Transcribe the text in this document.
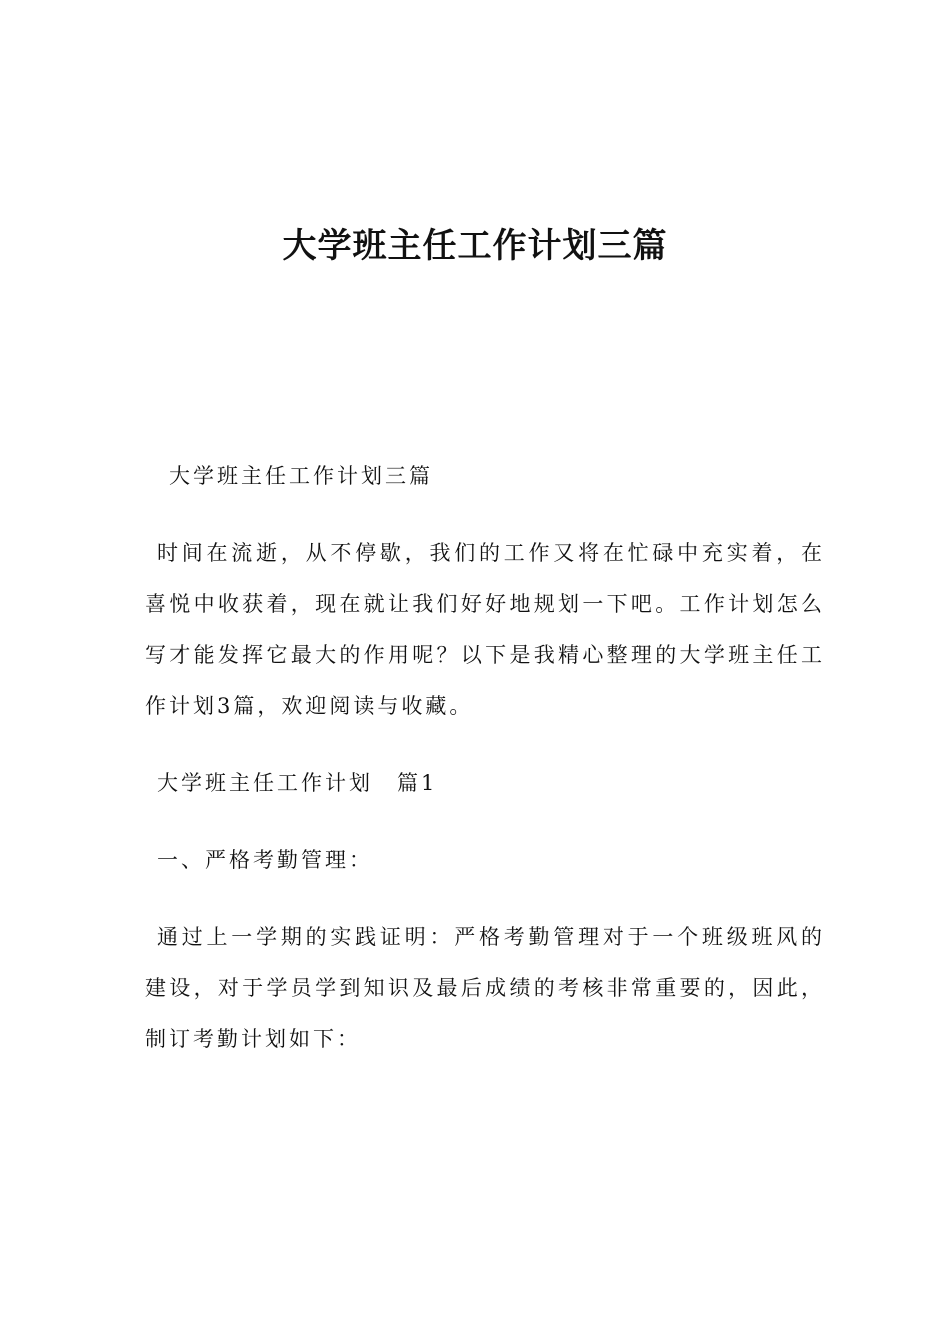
大学班主任工作计划三篇

大学班主任工作计划三篇

时间在流逝，从不停歇，我们的工作又将在忙碌中充实着，在喜悦中收获着，现在就让我们好好地规划一下吧。工作计划怎么写才能发挥它最大的作用呢？以下是我精心整理的大学班主任工作计划3篇，欢迎阅读与收藏。

大学班主任工作计划　篇1

一、严格考勤管理：

通过上一学期的实践证明：严格考勤管理对于一个班级班风的建设，对于学员学到知识及最后成绩的考核非常重要的，因此，制订考勤计划如下：
